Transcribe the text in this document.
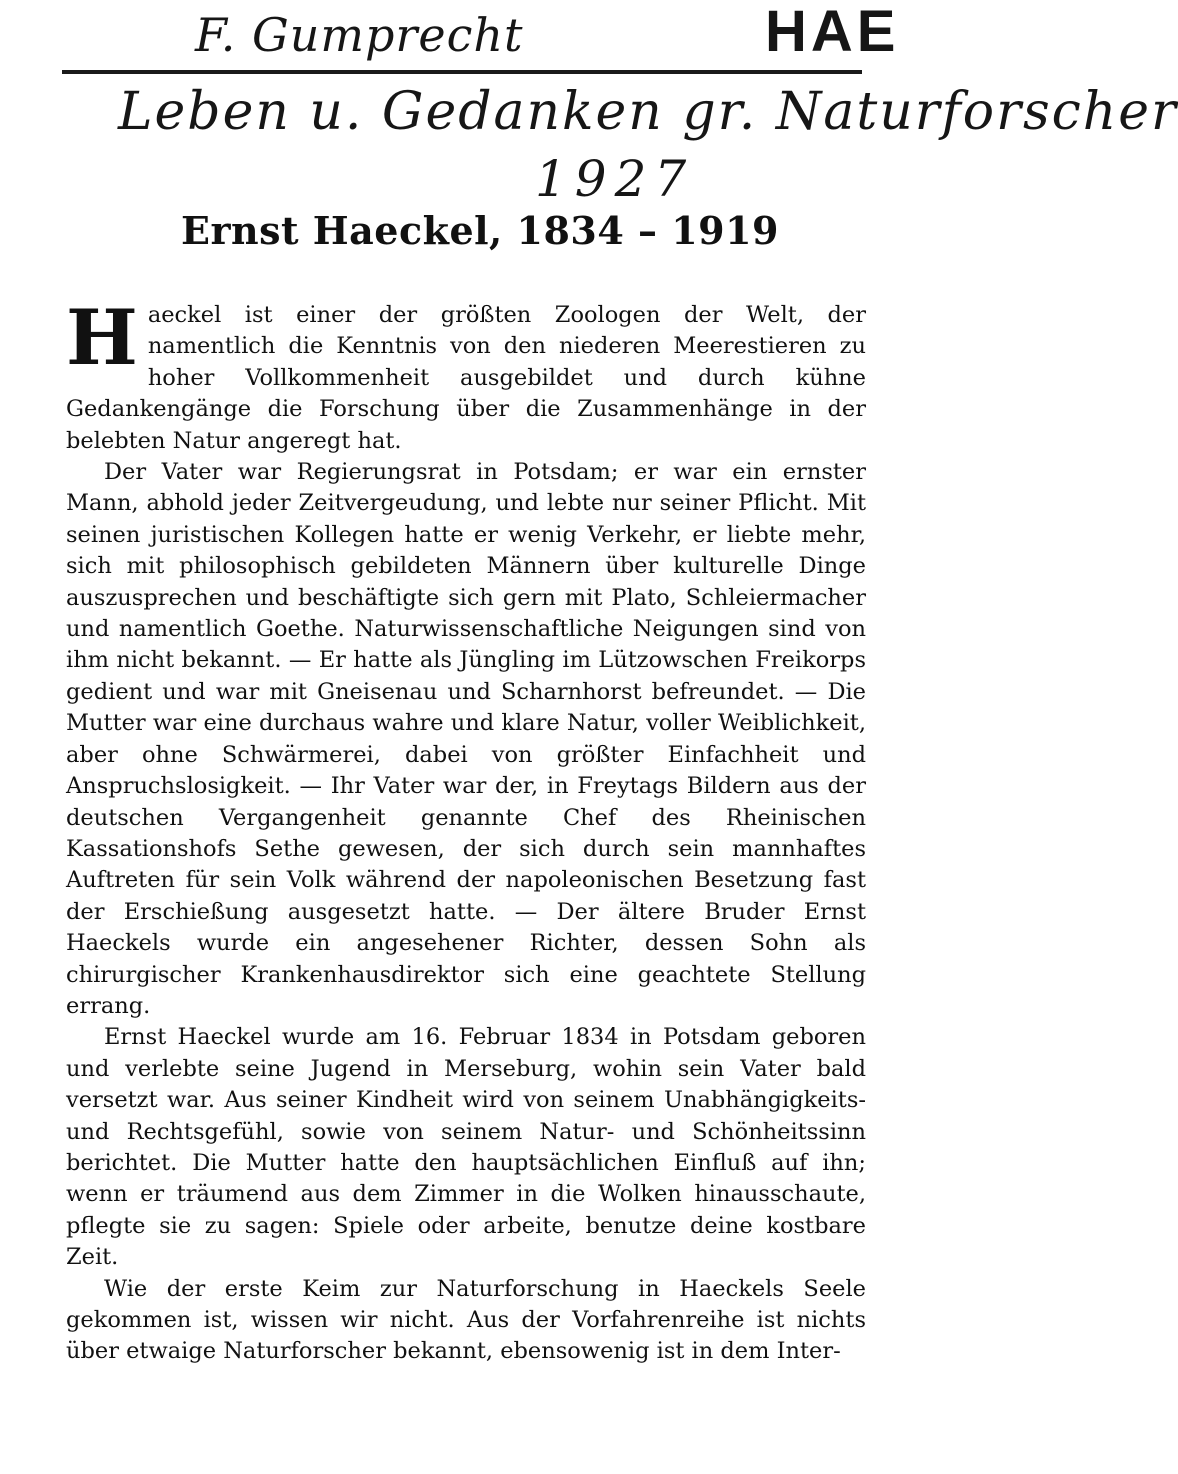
F. Gumprecht	HAE
Leben u. Gedanken gr. Naturforscher
1927
Ernst Haeckel, 1834 – 1919

Haeckel ist einer der größten Zoologen der Welt, der namentlich die Kenntnis von den niederen Meerestieren zu hoher Vollkommenheit ausgebildet und durch kühne Gedankengänge die Forschung über die Zusammenhänge in der belebten Natur angeregt hat.

Der Vater war Regierungsrat in Potsdam; er war ein ernster Mann, abhold jeder Zeitvergeudung, und lebte nur seiner Pflicht. Mit seinen juristischen Kollegen hatte er wenig Verkehr, er liebte mehr, sich mit philosophisch gebildeten Männern über kulturelle Dinge auszusprechen und beschäftigte sich gern mit Plato, Schleiermacher und namentlich Goethe. Naturwissenschaftliche Neigungen sind von ihm nicht bekannt. — Er hatte als Jüngling im Lützowschen Freikorps gedient und war mit Gneisenau und Scharnhorst befreundet. — Die Mutter war eine durchaus wahre und klare Natur, voller Weiblichkeit, aber ohne Schwärmerei, dabei von größter Einfachheit und Anspruchslosigkeit. — Ihr Vater war der, in Freytags Bildern aus der deutschen Vergangenheit genannte Chef des Rheinischen Kassationshofs Sethe gewesen, der sich durch sein mannhaftes Auftreten für sein Volk während der napoleonischen Besetzung fast der Erschießung ausgesetzt hatte. — Der ältere Bruder Ernst Haeckels wurde ein angesehener Richter, dessen Sohn als chirurgischer Krankenhausdirektor sich eine geachtete Stellung errang.

Ernst Haeckel wurde am 16. Februar 1834 in Potsdam geboren und verlebte seine Jugend in Merseburg, wohin sein Vater bald versetzt war. Aus seiner Kindheit wird von seinem Unabhängigkeits- und Rechtsgefühl, sowie von seinem Natur- und Schönheitssinn berichtet. Die Mutter hatte den hauptsächlichen Einfluß auf ihn; wenn er träumend aus dem Zimmer in die Wolken hinausschaute, pflegte sie zu sagen: Spiele oder arbeite, benutze deine kostbare Zeit.

Wie der erste Keim zur Naturforschung in Haeckels Seele gekommen ist, wissen wir nicht. Aus der Vorfahrenreihe ist nichts über etwaige Naturforscher bekannt, ebensowenig ist in dem Inter-
